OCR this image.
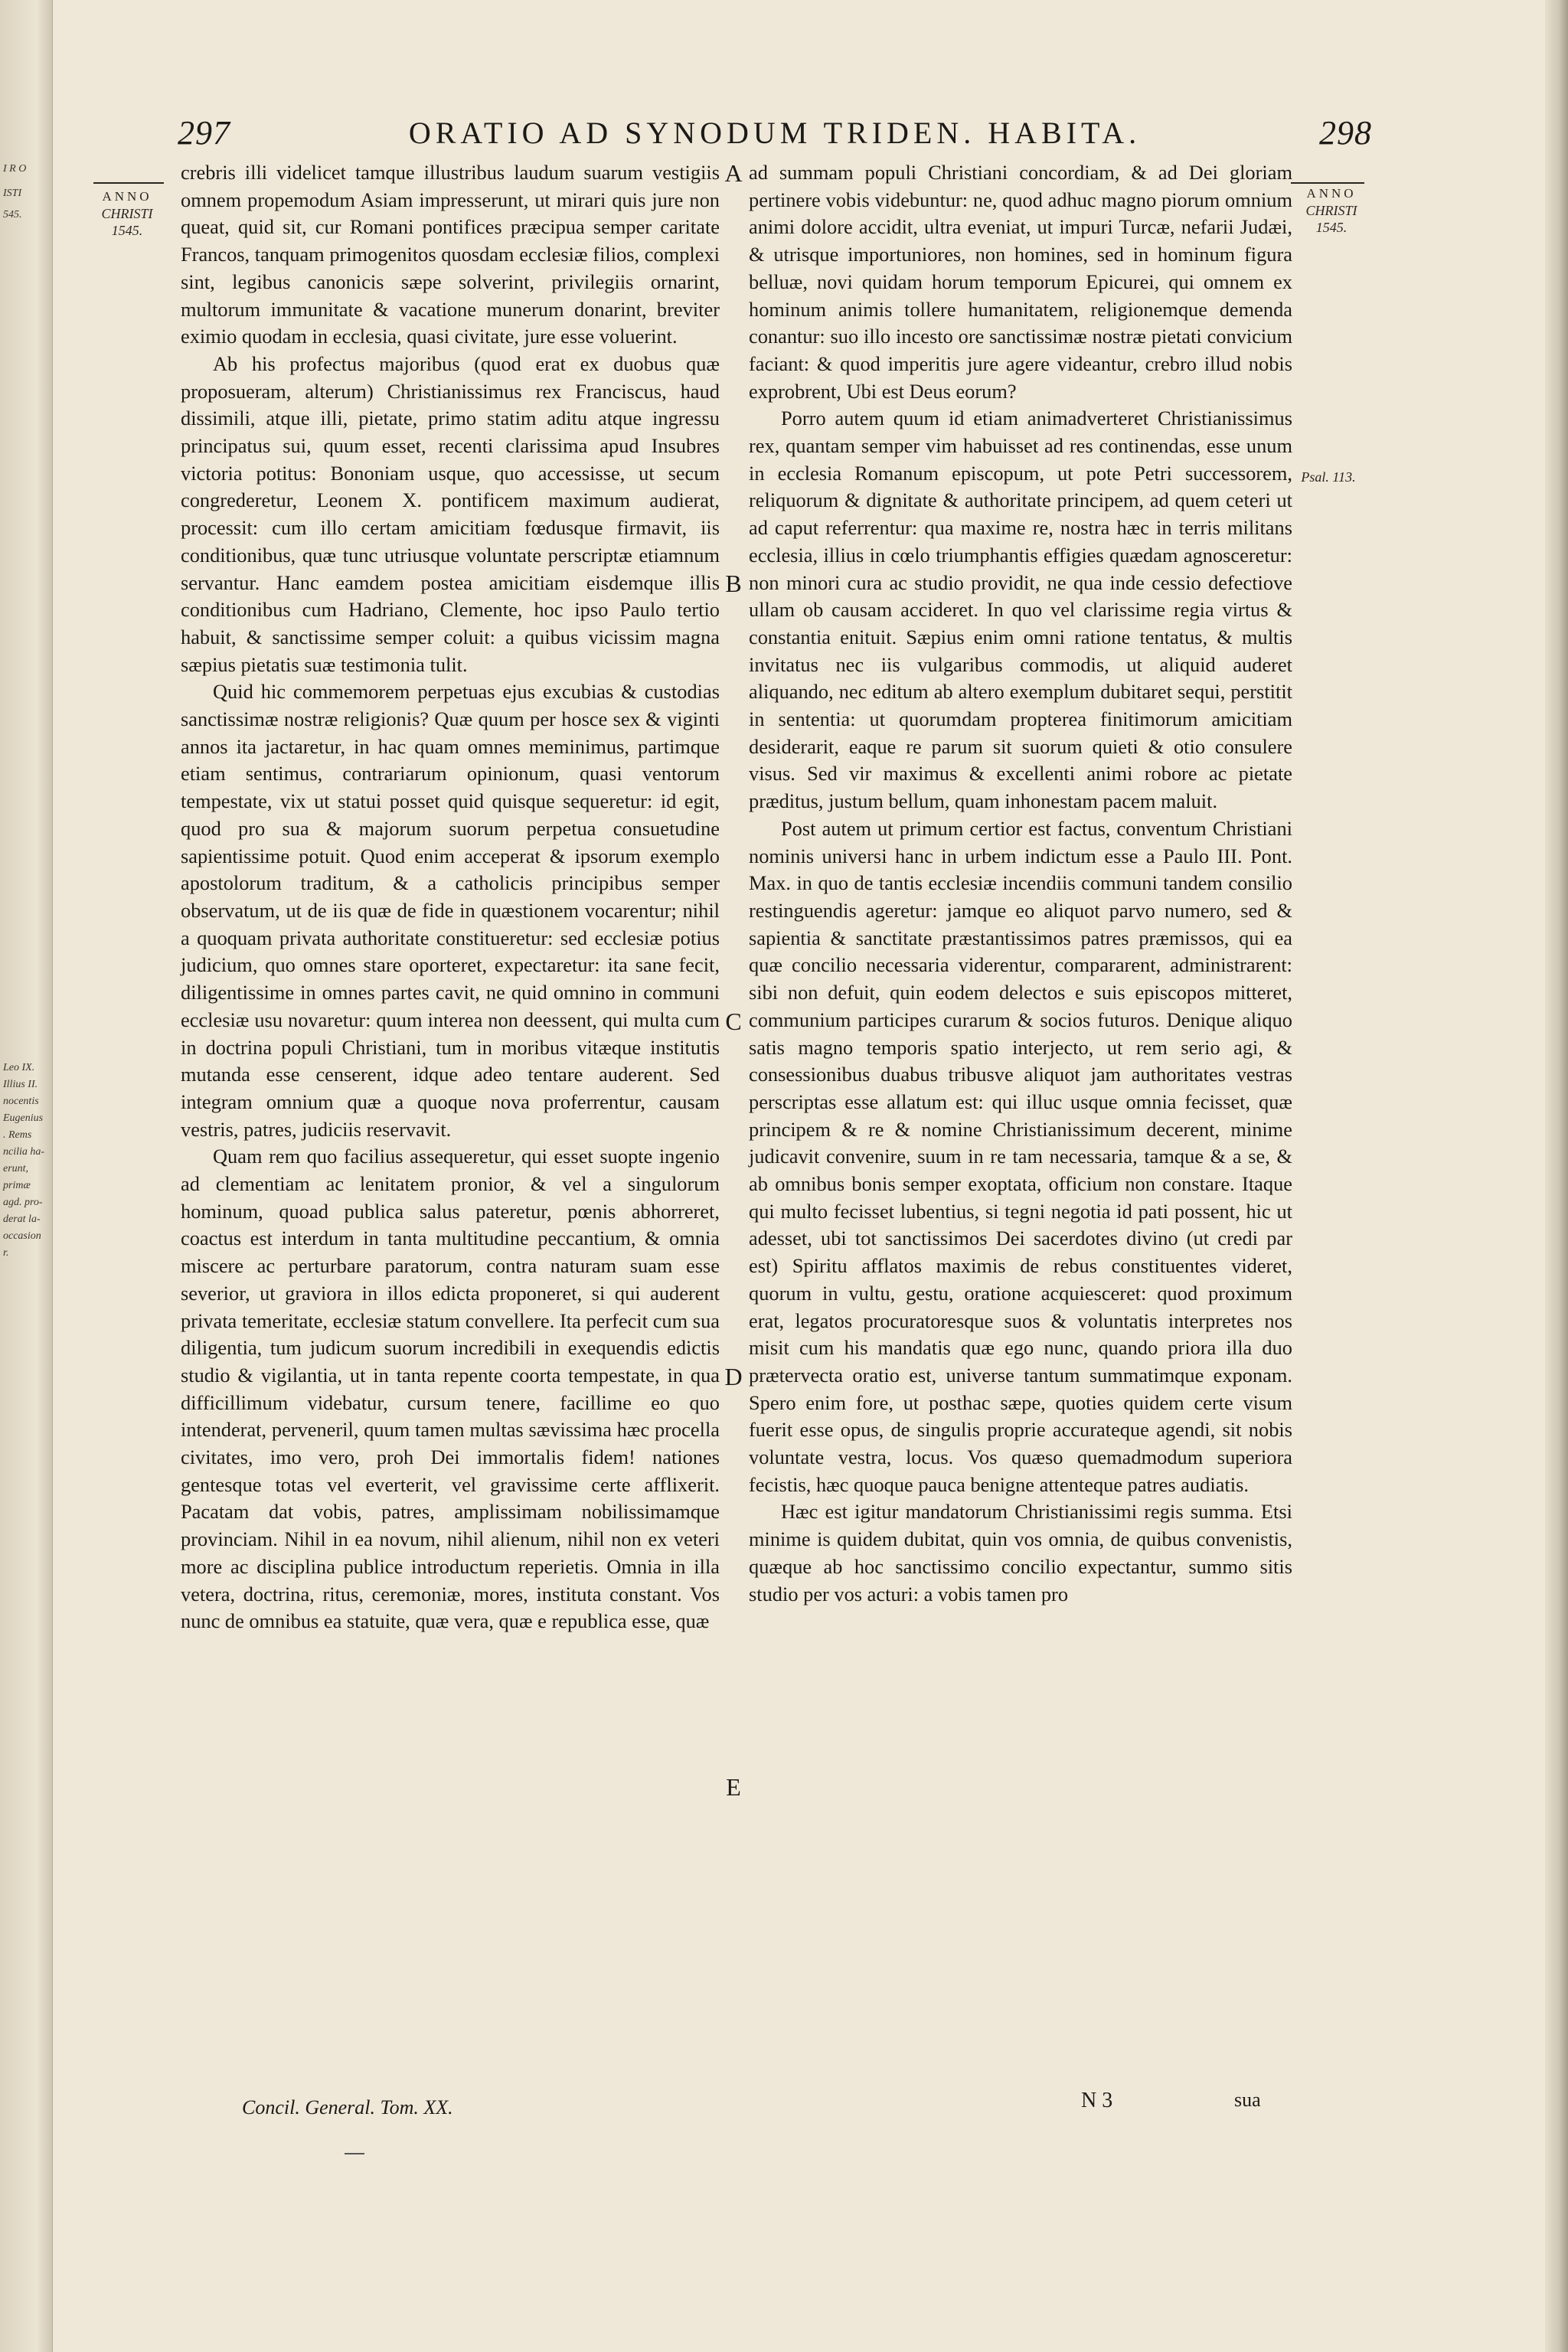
I R O
ISTI
545.
Leo IX.
Illius II.
nocentis
Eugenius
. Rems
ncilia ha-
erunt,
primæ
agd. pro-
derat la-
occasion
r.
297	ORATIO AD SYNODUM TRIDEN. HABITA.	298
ANNO
CHRISTI
1545.
ANNO
CHRISTI
1545.
Psal. 113.
A
B
C
D
E

crebris illi videlicet tamque illustribus laudum suarum vestigiis omnem propemodum Asiam impresserunt, ut mirari quis jure non queat, quid sit, cur Romani pontifices præcipua semper caritate Francos, tanquam primogenitos quosdam ecclesiæ filios, complexi sint, legibus canonicis sæpe solverint, privilegiis ornarint, multorum immunitate & vacatione munerum donarint, breviter eximio quodam in ecclesia, quasi civitate, jure esse voluerint.

Ab his profectus majoribus (quod erat ex duobus quæ proposueram, alterum) Christianissimus rex Franciscus, haud dissimili, atque illi, pietate, primo statim aditu atque ingressu principatus sui, quum esset, recenti clarissima apud Insubres victoria potitus: Bononiam usque, quo accessisse, ut secum congrederetur, Leonem X. pontificem maximum audierat, processit: cum illo certam amicitiam fœdusque firmavit, iis conditionibus, quæ tunc utriusque voluntate perscriptæ etiamnum servantur. Hanc eamdem postea amicitiam eisdemque illis conditionibus cum Hadriano, Clemente, hoc ipso Paulo tertio habuit, & sanctissime semper coluit: a quibus vicissim magna sæpius pietatis suæ testimonia tulit.

Quid hic commemorem perpetuas ejus excubias & custodias sanctissimæ nostræ religionis? Quæ quum per hosce sex & viginti annos ita jactaretur, in hac quam omnes meminimus, partimque etiam sentimus, contrariarum opinionum, quasi ventorum tempestate, vix ut statui posset quid quisque sequeretur: id egit, quod pro sua & majorum suorum perpetua consuetudine sapientissime potuit. Quod enim acceperat & ipsorum exemplo apostolorum traditum, & a catholicis principibus semper observatum, ut de iis quæ de fide in quæstionem vocarentur; nihil a quoquam privata authoritate constitueretur: sed ecclesiæ potius judicium, quo omnes stare oporteret, expectaretur: ita sane fecit, diligentissime in omnes partes cavit, ne quid omnino in communi ecclesiæ usu novaretur: quum interea non deessent, qui multa cum in doctrina populi Christiani, tum in moribus vitæque institutis mutanda esse censerent, idque adeo tentare auderent. Sed integram omnium quæ a quoque nova proferrentur, causam vestris, patres, judiciis reservavit.

Quam rem quo facilius assequeretur, qui esset suopte ingenio ad clementiam ac lenitatem pronior, & vel a singulorum hominum, quoad publica salus pateretur, pœnis abhorreret, coactus est interdum in tanta multitudine peccantium, & omnia miscere ac perturbare paratorum, contra naturam suam esse severior, ut graviora in illos edicta proponeret, si qui auderent privata temeritate, ecclesiæ statum convellere. Ita perfecit cum sua diligentia, tum judicum suorum incredibili in exequendis edictis studio & vigilantia, ut in tanta repente coorta tempestate, in qua difficillimum videbatur, cursum tenere, facillime eo quo intenderat, perveneril, quum tamen multas sævissima hæc procella civitates, imo vero, proh Dei immortalis fidem! nationes gentesque totas vel everterit, vel gravissime certe afflixerit. Pacatam dat vobis, patres, amplissimam nobilissimamque provinciam. Nihil in ea novum, nihil alienum, nihil non ex veteri more ac disciplina publice introductum reperietis. Omnia in illa vetera, doctrina, ritus, ceremoniæ, mores, instituta constant. Vos nunc de omnibus ea statuite, quæ vera, quæ e republica esse, quæ

ad summam populi Christiani concordiam, & ad Dei gloriam pertinere vobis videbuntur: ne, quod adhuc magno piorum omnium animi dolore accidit, ultra eveniat, ut impuri Turcæ, nefarii Judæi, & utrisque importuniores, non homines, sed in hominum figura belluæ, novi quidam horum temporum Epicurei, qui omnem ex hominum animis tollere humanitatem, religionemque demenda conantur: suo illo incesto ore sanctissimæ nostræ pietati convicium faciant: & quod imperitis jure agere videantur, crebro illud nobis exprobrent, Ubi est Deus eorum?

Porro autem quum id etiam animadverteret Christianissimus rex, quantam semper vim habuisset ad res continendas, esse unum in ecclesia Romanum episcopum, ut pote Petri successorem, reliquorum & dignitate & authoritate principem, ad quem ceteri ut ad caput referrentur: qua maxime re, nostra hæc in terris militans ecclesia, illius in cœlo triumphantis effigies quædam agnosceretur: non minori cura ac studio providit, ne qua inde cessio defectiove ullam ob causam accideret. In quo vel clarissime regia virtus & constantia enituit. Sæpius enim omni ratione tentatus, & multis invitatus nec iis vulgaribus commodis, ut aliquid auderet aliquando, nec editum ab altero exemplum dubitaret sequi, perstitit in sententia: ut quorumdam propterea finitimorum amicitiam desiderarit, eaque re parum sit suorum quieti & otio consulere visus. Sed vir maximus & excellenti animi robore ac pietate præditus, justum bellum, quam inhonestam pacem maluit.

Post autem ut primum certior est factus, conventum Christiani nominis universi hanc in urbem indictum esse a Paulo III. Pont. Max. in quo de tantis ecclesiæ incendiis communi tandem consilio restinguendis ageretur: jamque eo aliquot parvo numero, sed & sapientia & sanctitate præstantissimos patres præmissos, qui ea quæ concilio necessaria viderentur, compararent, administrarent: sibi non defuit, quin eodem delectos e suis episcopos mitteret, communium participes curarum & socios futuros. Denique aliquo satis magno temporis spatio interjecto, ut rem serio agi, & consessionibus duabus tribusve aliquot jam authoritates vestras perscriptas esse allatum est: qui illuc usque omnia fecisset, quæ principem & re & nomine Christianissimum decerent, minime judicavit convenire, suum in re tam necessaria, tamque & a se, & ab omnibus bonis semper exoptata, officium non constare. Itaque qui multo fecisset lubentius, si tegni negotia id pati possent, hic ut adesset, ubi tot sanctissimos Dei sacerdotes divino (ut credi par est) Spiritu afflatos maximis de rebus constituentes videret, quorum in vultu, gestu, oratione acquiesceret: quod proximum erat, legatos procuratoresque suos & voluntatis interpretes nos misit cum his mandatis quæ ego nunc, quando priora illa duo prætervecta oratio est, universe tantum summatimque exponam. Spero enim fore, ut posthac sæpe, quoties quidem certe visum fuerit esse opus, de singulis proprie accurateque agendi, sit nobis voluntate vestra, locus. Vos quæso quemadmodum superiora fecistis, hæc quoque pauca benigne attenteque patres audiatis.

Hæc est igitur mandatorum Christianissimi regis summa. Etsi minime is quidem dubitat, quin vos omnia, de quibus convenistis, quæque ab hoc sanctissimo concilio expectantur, summo sitis studio per vos acturi: a vobis tamen pro

Concil. General. Tom. XX.	N 3	sua
